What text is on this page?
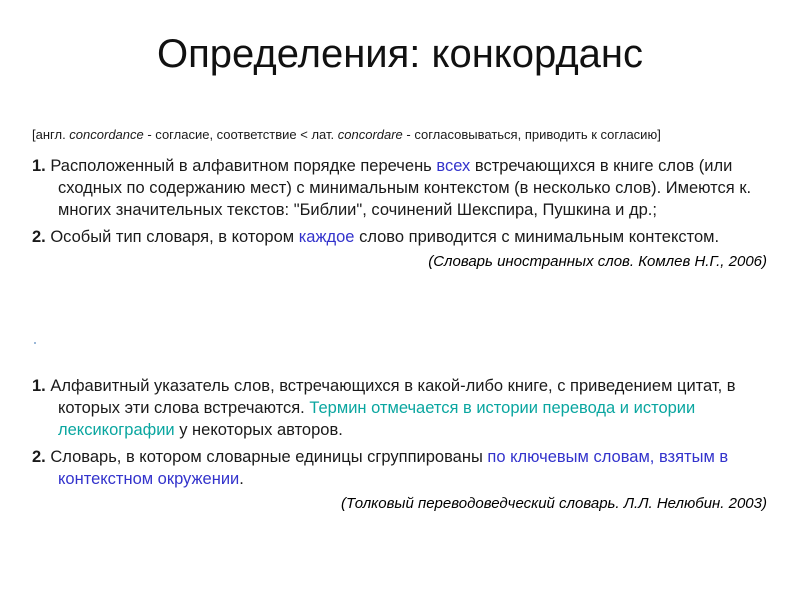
Определения: конкорданс

[англ. concordance - согласие, соответствие < лат. concordare - согласовываться, приводить к согласию]

1. Расположенный в алфавитном порядке перечень всех встречающихся в книге слов (или сходных по содержанию мест) с минимальным контекстом (в несколько слов). Имеются к. многих значительных текстов: "Библии", сочинений Шекспира, Пушкина и др.;

2. Особый тип словаря, в котором каждое слово приводится с минимальным контекстом.

(Словарь иностранных слов. Комлев Н.Г., 2006)

1. Алфавитный указатель слов, встречающихся в какой-либо книге, с приведением цитат, в которых эти слова встречаются. Термин отмечается в истории перевода и истории лексикографии у некоторых авторов.

2. Словарь, в котором словарные единицы сгруппированы по ключевым словам, взятым в контекстном окружении.

(Толковый переводоведческий словарь. Л.Л. Нелюбин. 2003)
